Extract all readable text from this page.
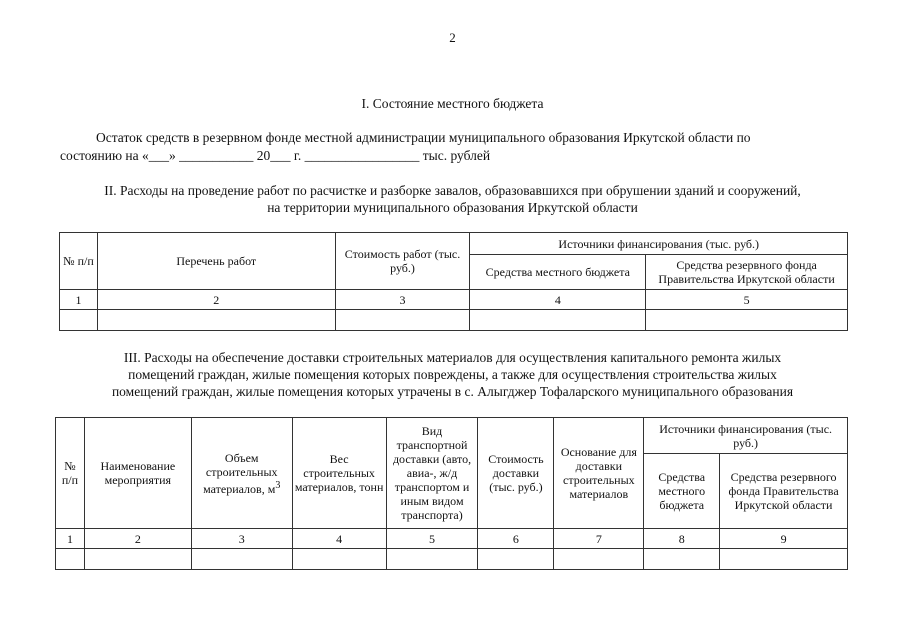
2
I. Состояние местного бюджета
Остаток средств в резервном фонде местной администрации муниципального образования Иркутской области по
состоянию на «___» ___________ 20___ г. _________________ тыс. рублей
II. Расходы на проведение работ по расчистке и разборке завалов, образовавшихся при обрушении зданий и сооружений,
на территории муниципального образования Иркутской области
№ п/п	Перечень работ	Стоимость работ (тыс. руб.)	Источники финансирования (тыс. руб.)	
			Средства местного бюджета	Средства резервного фонда Правительства Иркутской области
1	2	3	4	5

III. Расходы на обеспечение доставки строительных материалов для осуществления капитального ремонта жилых
помещений граждан, жилые помещения которых повреждены, а также для осуществления строительства жилых
помещений граждан, жилые помещения которых утрачены в с. Алыгджер Тофаларского муниципального образования
№ п/п	Наименование мероприятия	Объем строительных материалов, $м^3$	Вес строительных материалов, тонн	Вид транспортной доставки (авто, авиа-, ж/д транспортом и иным видом транспорта)	Стоимость доставки (тыс. руб.)	Основание для доставки строительных материалов	Источники финансирования (тыс. руб.)	
							Средства местного бюджета	Средства резервного фонда Правительства Иркутской области
1	2	3	4	5	6	7	8	9
